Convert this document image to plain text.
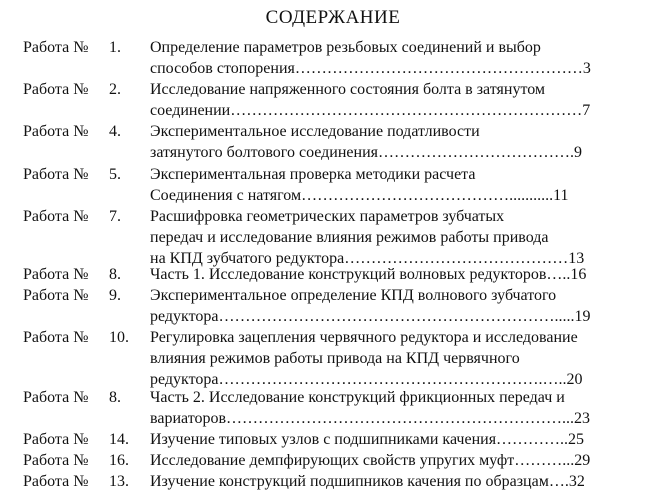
СОДЕРЖАНИЕ
Работа № 1. Определение параметров резьбовых соединений и выбор
способов стопорения………………………………………………3
Работа № 2. Исследование напряженного состояния болта в затянутом
соединении…………………………………………………………7
Работа № 4. Экспериментальное исследование податливости
затянутого болтового соединения……………………………….9
Работа № 5. Экспериментальная проверка методики расчета
Соединения с натягом…………………………………...........11
Работа № 7. Расшифровка геометрических параметров зубчатых
передач и исследование влияния режимов работы привода
на КПД зубчатого редуктора……………………………………13
Работа № 8. Часть 1. Исследование конструкций волновых редукторов…..16
Работа № 9. Экспериментальное определение КПД волнового зубчатого
редуктора……………………………………………………….....19
Работа № 10. Регулировка зацепления червячного редуктора и исследование
влияния режимов работы привода на КПД червячного
редуктора…………………………………………………….…..20
Работа № 8. Часть 2. Исследование конструкций фрикционных передач и
вариаторов………………………………………………………...23
Работа № 14. Изучение типовых узлов с подшипниками качения…………..25
Работа № 16. Исследование демпфирующих свойств упругих муфт………...29
Работа № 13. Изучение конструкций подшипников качения по образцам….32
